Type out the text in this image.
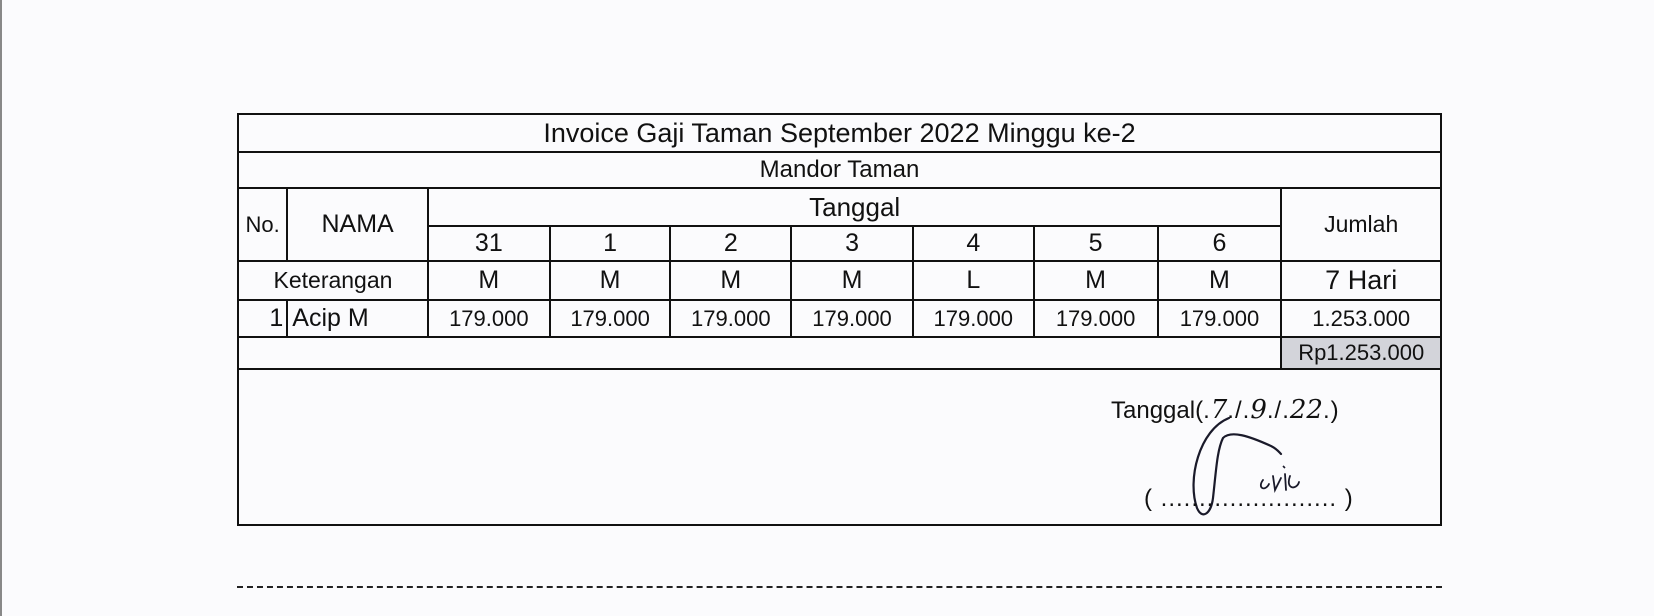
Invoice Gaji Taman September 2022 Minggu ke-2									
Mandor Taman									
No.	NAMA	Tanggal							Jumlah
		31	1	2	3	4	5	6	
Keterangan		M	M	M	M	L	M	M	7 Hari
1	Acip M	179.000	179.000	179.000	179.000	179.000	179.000	179.000	1.253.000
									Rp1.253.000
Tanggal(.7./.9./.22.)
( ....................... )
